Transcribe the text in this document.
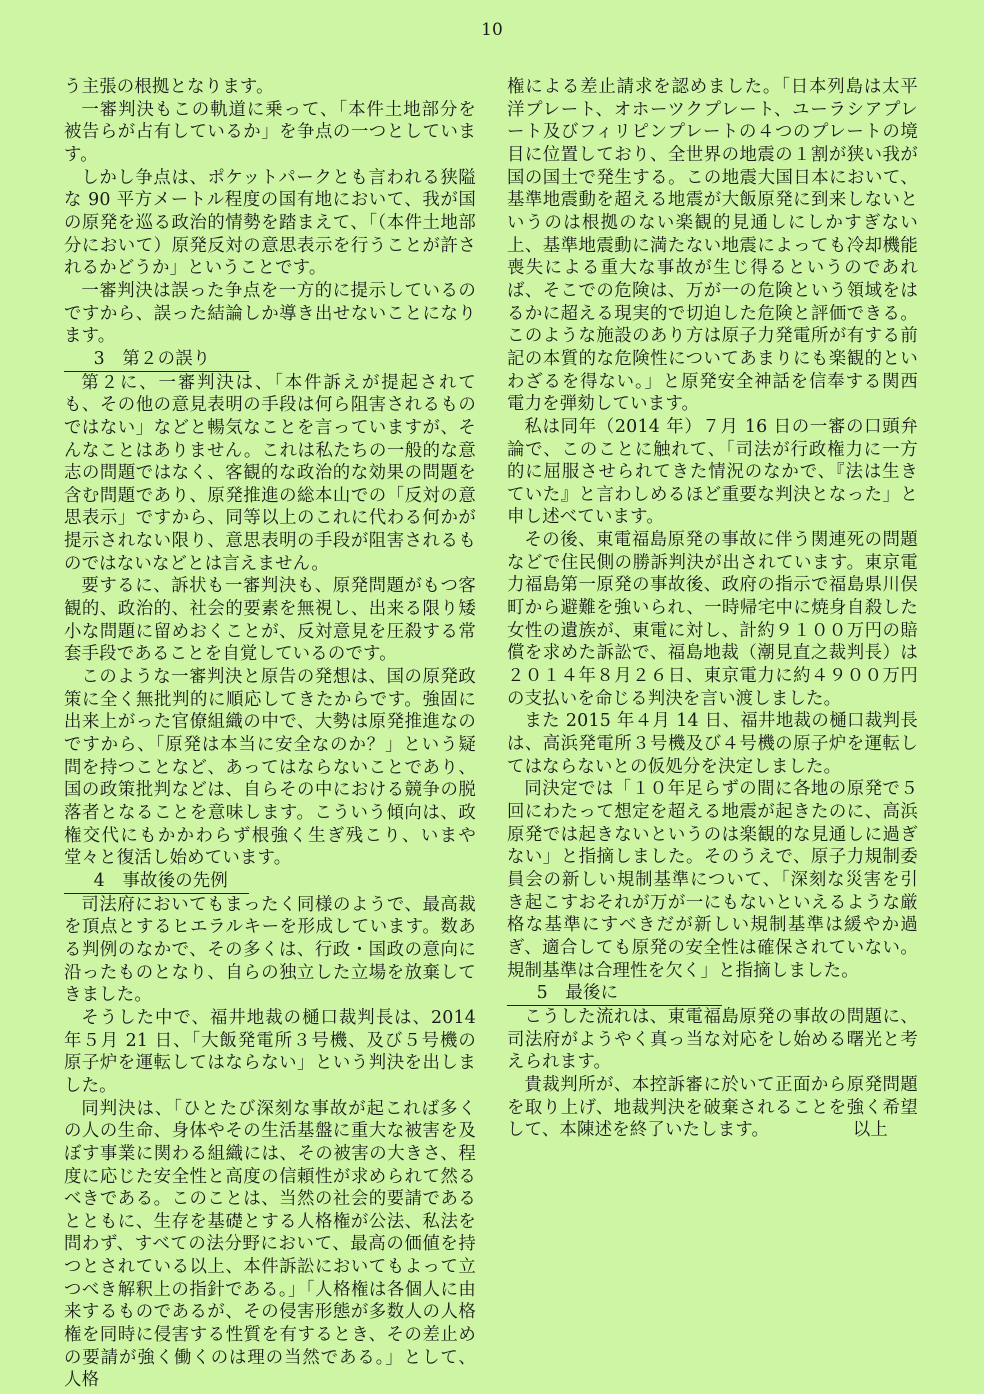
10

う主張の根拠となります。

一審判決もこの軌道に乗って、「本件土地部分を被告らが占有しているか」を争点の一つとしています。

しかし争点は、ポケットパークとも言われる狭隘な 90 平方メートル程度の国有地において、我が国の原発を巡る政治的情勢を踏まえて、「（本件土地部分において）原発反対の意思表示を行うことが許されるかどうか」ということです。

一審判決は誤った争点を一方的に提示しているのですから、誤った結論しか導き出せないことになります。

3　第２の誤り

第２に、一審判決は、「本件訴えが提起されても、その他の意見表明の手段は何ら阻害されるものではない」などと暢気なことを言っていますが、そんなことはありません。これは私たちの一般的な意志の問題ではなく、客観的な政治的な効果の問題を含む問題であり、原発推進の総本山での「反対の意思表示」ですから、同等以上のこれに代わる何かが提示されない限り、意思表明の手段が阻害されるものではないなどとは言えません。

要するに、訴状も一審判決も、原発問題がもつ客観的、政治的、社会的要素を無視し、出来る限り矮小な問題に留めおくことが、反対意見を圧殺する常套手段であることを自覚しているのです。

このような一審判決と原告の発想は、国の原発政策に全く無批判的に順応してきたからです。強固に出来上がった官僚組織の中で、大勢は原発推進なのですから、「原発は本当に安全なのか？」という疑問を持つことなど、あってはならないことであり、国の政策批判などは、自らその中における競争の脱落者となることを意味します。こういう傾向は、政権交代にもかかわらず根強く生ぎ残こり、いまや堂々と復活し始めています。

4　事故後の先例

司法府においてもまったく同様のようで、最高裁を頂点とするヒエラルキーを形成しています。数ある判例のなかで、その多くは、行政・国政の意向に沿ったものとなり、自らの独立した立場を放棄してきました。

そうした中で、福井地裁の樋口裁判長は、2014 年５月 21 日、「大飯発電所３号機、及び５号機の原子炉を運転してはならない」という判決を出しました。

同判決は、「ひとたび深刻な事故が起これば多くの人の生命、身体やその生活基盤に重大な被害を及ぼす事業に関わる組織には、その被害の大きさ、程度に応じた安全性と高度の信頼性が求められて然るべきである。このことは、当然の社会的要請であるとともに、生存を基礎とする人格権が公法、私法を問わず、すべての法分野において、最高の価値を持つとされている以上、本件訴訟においてもよって立つべき解釈上の指針である。」「人格権は各個人に由来するものであるが、その侵害形態が多数人の人格権を同時に侵害する性質を有するとき、その差止めの要請が強く働くのは理の当然である。」として、人格

権による差止請求を認めました。「日本列島は太平洋プレート、オホーツクプレート、ユーラシアプレート及びフィリピンプレートの４つのプレートの境目に位置しており、全世界の地震の１割が狭い我が国の国土で発生する。この地震大国日本において、基準地震動を超える地震が大飯原発に到来しないというのは根拠のない楽観的見通しにしかすぎない上、基準地震動に満たない地震によっても冷却機能喪失による重大な事故が生じ得るというのであれば、そこでの危険は、万が一の危険という領域をはるかに超える現実的で切迫した危険と評価できる。このような施設のあり方は原子力発電所が有する前記の本質的な危険性についてあまりにも楽観的といわざるを得ない。」と原発安全神話を信奉する関西電力を弾劾しています。

私は同年（2014 年）７月 16 日の一審の口頭弁論で、このことに触れて、「司法が行政権力に一方的に屈服させられてきた情況のなかで、『法は生きていた』と言わしめるほど重要な判決となった」と申し述べています。

その後、東電福島原発の事故に伴う関連死の問題などで住民側の勝訴判決が出されています。東京電力福島第一原発の事故後、政府の指示で福島県川俣町から避難を強いられ、一時帰宅中に焼身自殺した女性の遺族が、東電に対し、計約９１００万円の賠償を求めた訴訟で、福島地裁（潮見直之裁判長）は２０１４年８月２６日、東京電力に約４９００万円の支払いを命じる判決を言い渡しました。

また 2015 年４月 14 日、福井地裁の樋口裁判長は、高浜発電所３号機及び４号機の原子炉を運転してはならないとの仮処分を決定しました。

同決定では「１０年足らずの間に各地の原発で５回にわたって想定を超える地震が起きたのに、高浜原発では起きないというのは楽観的な見通しに過ぎない」と指摘しました。そのうえで、原子力規制委員会の新しい規制基準について、「深刻な災害を引き起こすおそれが万が一にもないといえるような厳格な基準にすべきだが新しい規制基準は緩やか過ぎ、適合しても原発の安全性は確保されていない。規制基準は合理性を欠く」と指摘しました。

5　最後に

こうした流れは、東電福島原発の事故の問題に、司法府がようやく真っ当な対応をし始める曙光と考えられます。

貴裁判所が、本控訴審に於いて正面から原発問題を取り上げ、地裁判決を破棄されることを強く希望して、本陳述を終了いたします。	以上
